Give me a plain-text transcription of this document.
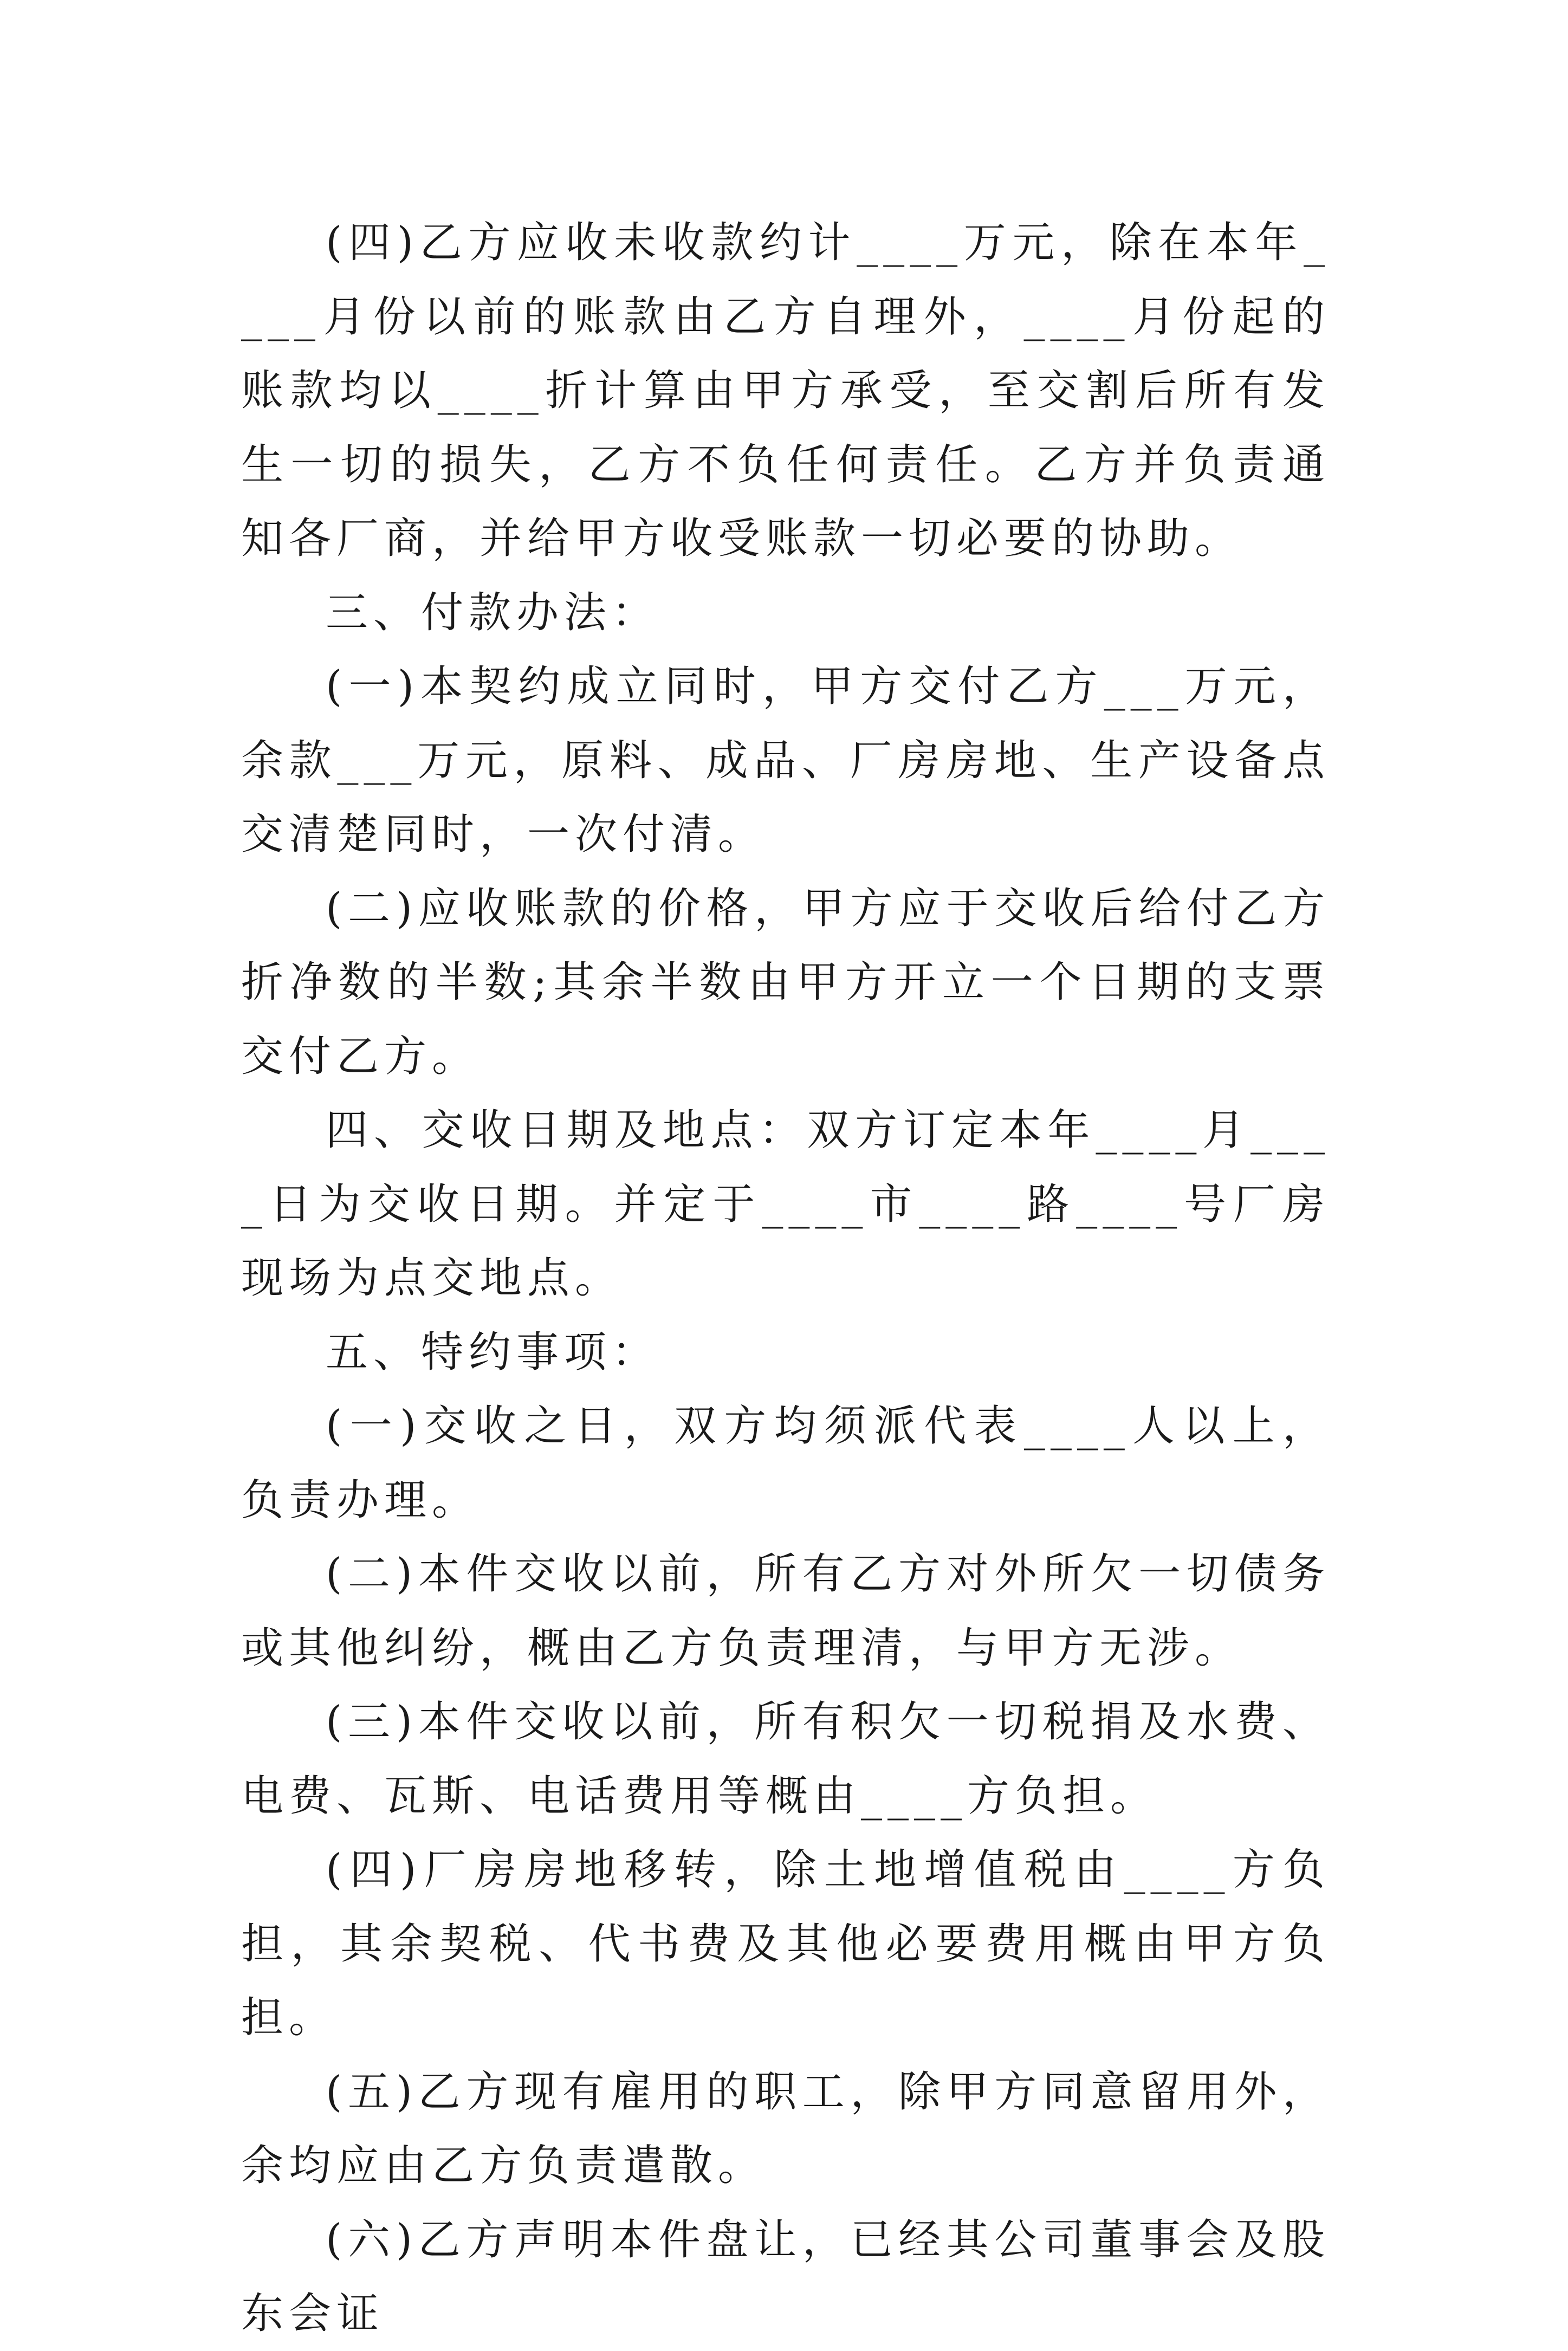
(四)乙方应收未收款约计____万元，除在本年____月份以前的账款由乙方自理外，____月份起的账款均以____折计算由甲方承受，至交割后所有发生一切的损失，乙方不负任何责任。乙方并负责通知各厂商，并给甲方收受账款一切必要的协助。

三、付款办法：

(一)本契约成立同时，甲方交付乙方___万元，余款___万元，原料、成品、厂房房地、生产设备点交清楚同时，一次付清。

(二)应收账款的价格，甲方应于交收后给付乙方折净数的半数;其余半数由甲方开立一个日期的支票交付乙方。

四、交收日期及地点：双方订定本年____月____日为交收日期。并定于____市____路____号厂房现场为点交地点。

五、特约事项：

(一)交收之日，双方均须派代表____人以上，负责办理。

(二)本件交收以前，所有乙方对外所欠一切债务或其他纠纷，概由乙方负责理清，与甲方无涉。

(三)本件交收以前，所有积欠一切税捐及水费、电费、瓦斯、电话费用等概由____方负担。

(四)厂房房地移转，除土地增值税由____方负担，其余契税、代书费及其他必要费用概由甲方负担。

(五)乙方现有雇用的职工，除甲方同意留用外，余均应由乙方负责遣散。

(六)乙方声明本件盘让，已经其公司董事会及股东会证
